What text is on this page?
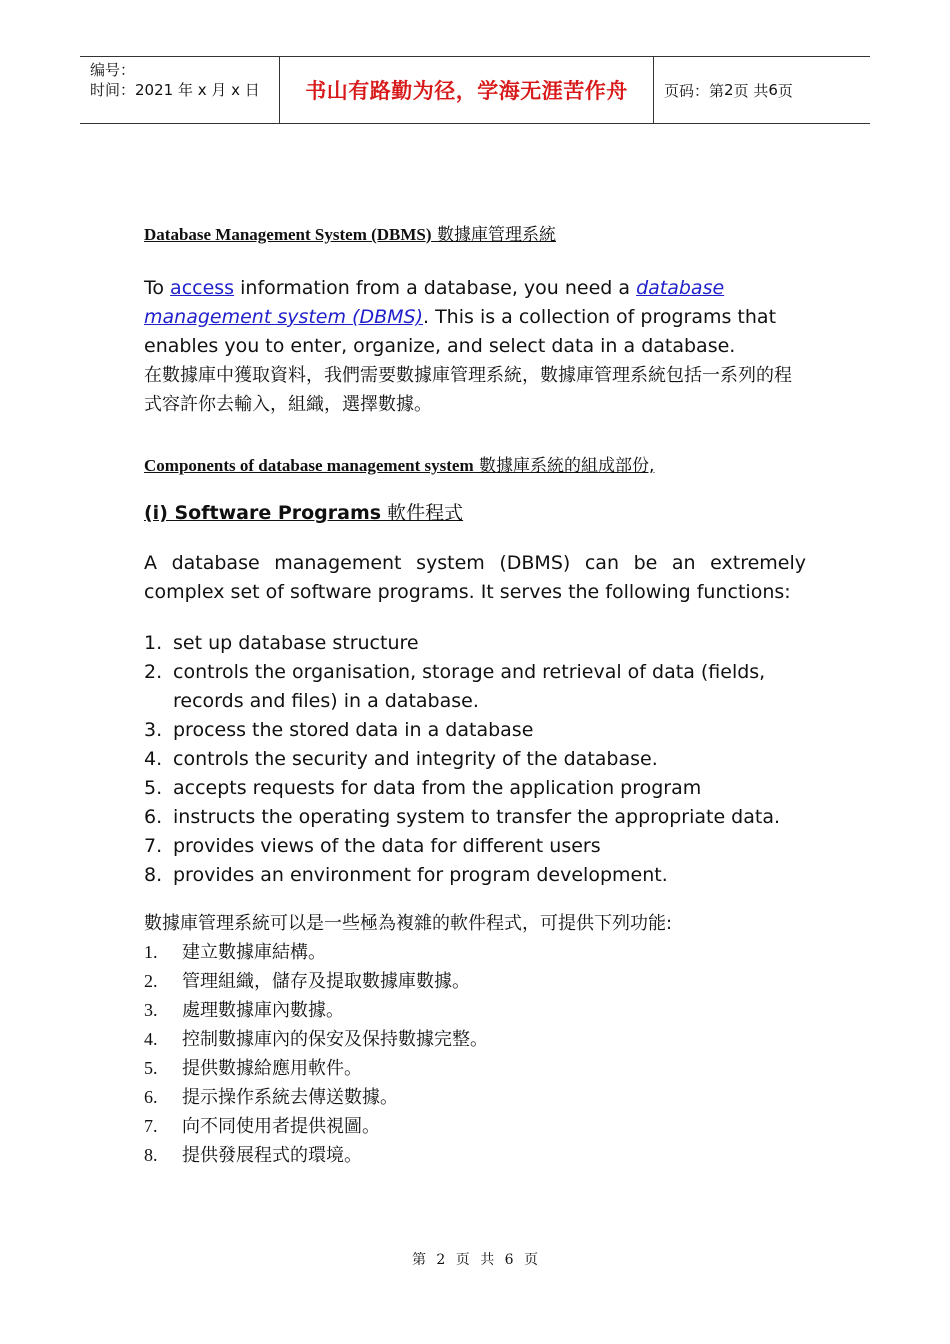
编号：
时间：2021 年 x 月 x 日	书山有路勤为径，学海无涯苦作舟 页码：第 2 页 共 6 页
Database Management System (DBMS) 數據庫管理系統
To access information from a database, you need a database management system (DBMS). This is a collection of programs that enables you to enter, organize, and select data in a database.
在數據庫中獲取資料，我們需要數據庫管理系統，數據庫管理系統包括一系列的程式容許你去輸入，組織，選擇數據。
Components of database management system 數據庫系統的組成部份,
(i) Software Programs 軟件程式
A database management system (DBMS) can be an extremely
complex set of software programs. It serves the following functions:
1. set up database structure
2. controls the organisation, storage and retrieval of data (fields, records and files) in a database.
3. process the stored data in a database
4. controls the security and integrity of the database.
5. accepts requests for data from the application program
6. instructs the operating system to transfer the appropriate data.
7. provides views of the data for different users
8. provides an environment for program development.
數據庫管理系統可以是一些極為複雜的軟件程式，可提供下列功能:
1.	建立數據庫結構。
2.	管理組織，儲存及提取數據庫數據。
3.	處理數據庫內數據。
4.	控制數據庫內的保安及保持數據完整。
5.	提供數據給應用軟件。
6.	提示操作系統去傳送數據。
7.	向不同使用者提供視圖。
8.	提供發展程式的環境。
第 2 页 共 6 页
